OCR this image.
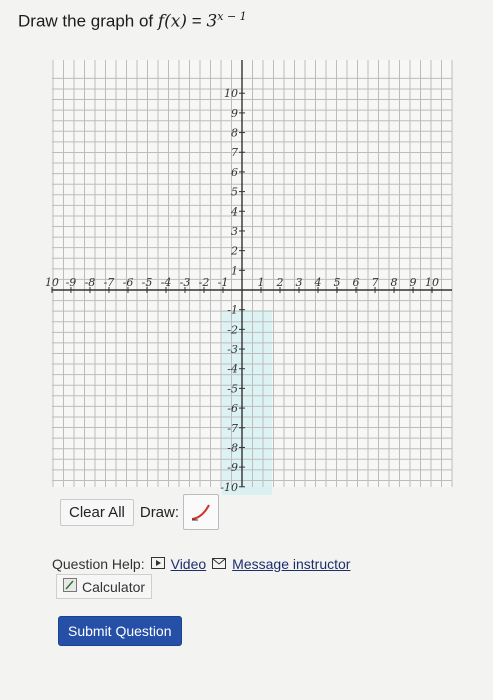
Draw the graph of $f(x) = 3^{x - 1}$
10 -9 -8 -7 -6 -5 -4 -3 -2 -1	1 2 3 4 5 6 7 8 9 10
10
9
8
7
6
5
4
3
2
1
-1
-2
-3
-4
-5
-6
-7
-8
-9
-10
Clear All	Draw:
Question Help: Video Message instructor
Calculator
Submit Question
